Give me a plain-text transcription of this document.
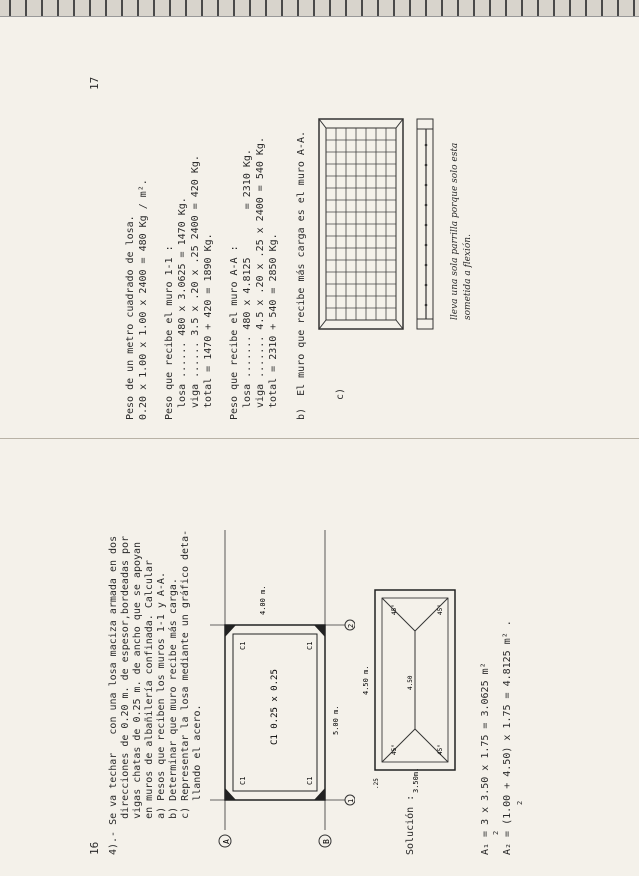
17
Peso de un metro cuadrado de losa. 0.20 x 1.00 x 1.00 x 2400 = 480 Kg / m². Peso que recibe el muro 1-1 : losa ...... 480 x 3.0625 = 1470 Kg. viga ...... 3.5 x .20 x .25 2400 = 420 Kg. total = 1470 + 420 = 1890 Kg. Peso que recibe el muro A-A : losa ....... 480 x 4.8125        = 2310 Kg. viga ....... 4.5 x .20 x .25 x 2400 = 540 Kg. total = 2310 + 540 = 2850 Kg. b)  El muro que recibe más carga es el muro A-A.	c)
lleva una sola parrilla porque solo esta sometida a flexión.
16 4).- Se va techar   con una losa maciza armada en dos direcciones de 0.20 m. de espesor,bordeadas por vigas chatas de 0.25 m. de ancho que se apoyan en muros de albañilería confinada. Calcular a) Pesos que reciben los muros 1-1 y A-A. b) Determinar que muro recibe más carga. c) Representar la losa mediante un gráfico deta- llando el acero. A	B
1
2
C1
C1
C1
C1
C1 0.25 x 0.25	5.00 m.
4.00 m.
Solución :
4.50 m.
3.50m.
.25
45°
45°
45°
45°
4.50	A₁ = 3 x 3.50 x 1.75 = 3.0625 m² 2 A₂ = (1.00 + 4.50) x 1.75 = 4.8125 m² . 2
